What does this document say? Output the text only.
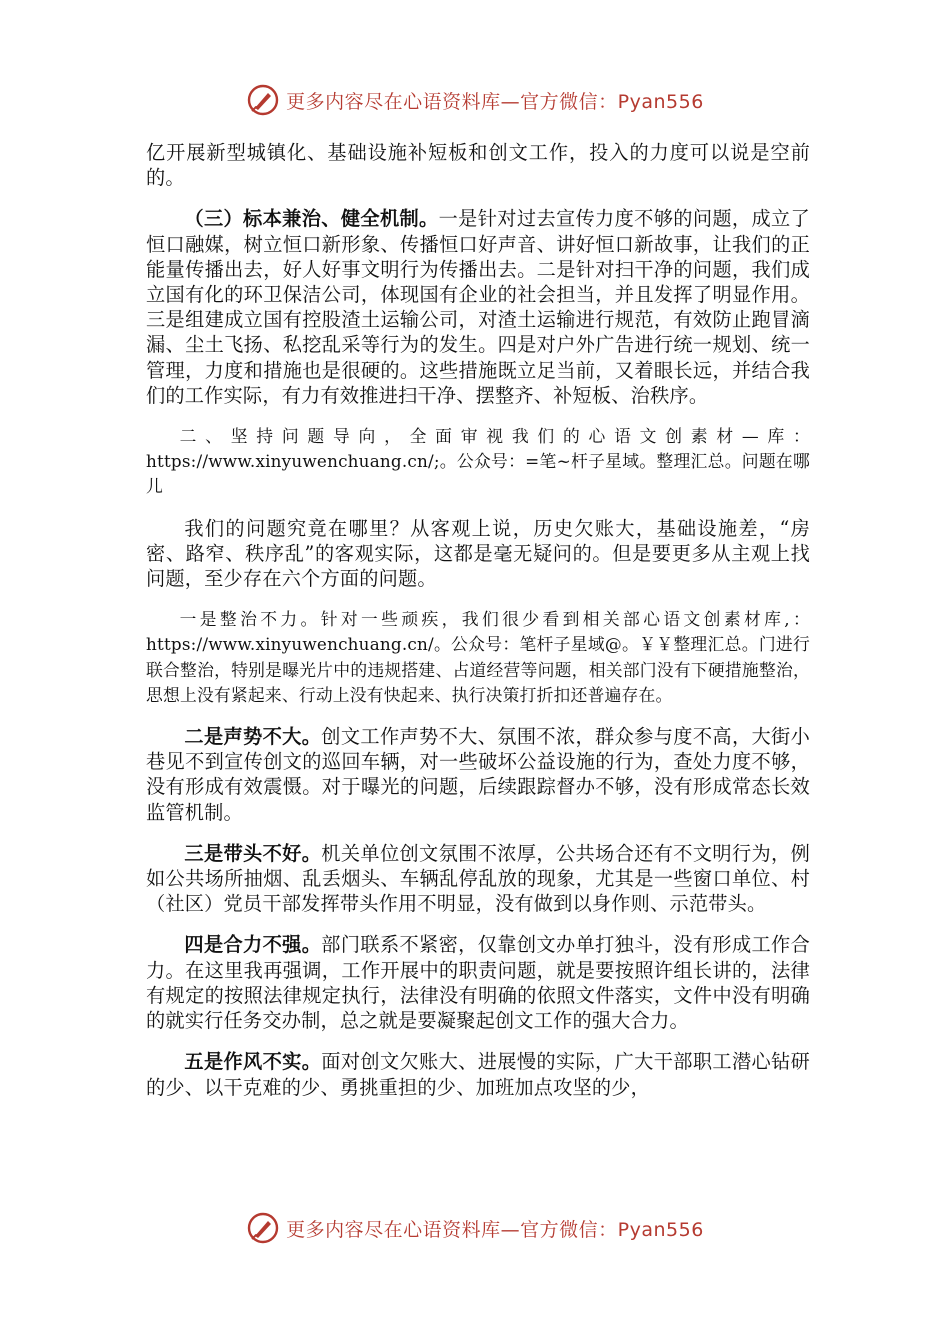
更多内容尽在心语资料库—官方微信：Pyan556

亿开展新型城镇化、基础设施补短板和创文工作，投入的力度可以说是空前的。

（三）标本兼治、健全机制。一是针对过去宣传力度不够的问题，成立了恒口融媒，树立恒口新形象、传播恒口好声音、讲好恒口新故事，让我们的正能量传播出去，好人好事文明行为传播出去。二是针对扫干净的问题，我们成立国有化的环卫保洁公司，体现国有企业的社会担当，并且发挥了明显作用。三是组建成立国有控股渣土运输公司，对渣土运输进行规范，有效防止跑冒滴漏、尘土飞扬、私挖乱采等行为的发生。四是对户外广告进行统一规划、统一管理，力度和措施也是很硬的。这些措施既立足当前，又着眼长远，并结合我们的工作实际，有力有效推进扫干净、摆整齐、补短板、治秩序。

二、坚持问题导向，全面审视我们的心语文创素材—库：https://www.xinyuwenchuang.cn/;。公众号：=笔~杆子星域。整理汇总。问题在哪儿

我们的问题究竟在哪里？从客观上说，历史欠账大，基础设施差，“房密、路窄、秩序乱”的客观实际，这都是毫无疑问的。但是要更多从主观上找问题，至少存在六个方面的问题。

一是整治不力。针对一些顽疾，我们很少看到相关部心语文创素材库,：https://www.xinyuwenchuang.cn/。公众号：笔杆子星域@。￥￥整理汇总。门进行联合整治，特别是曝光片中的违规搭建、占道经营等问题，相关部门没有下硬措施整治，思想上没有紧起来、行动上没有快起来、执行决策打折扣还普遍存在。

二是声势不大。创文工作声势不大、氛围不浓，群众参与度不高，大街小巷见不到宣传创文的巡回车辆，对一些破坏公益设施的行为，查处力度不够，没有形成有效震慑。对于曝光的问题，后续跟踪督办不够，没有形成常态长效监管机制。

三是带头不好。机关单位创文氛围不浓厚，公共场合还有不文明行为，例如公共场所抽烟、乱丢烟头、车辆乱停乱放的现象，尤其是一些窗口单位、村（社区）党员干部发挥带头作用不明显，没有做到以身作则、示范带头。

四是合力不强。部门联系不紧密，仅靠创文办单打独斗，没有形成工作合力。在这里我再强调，工作开展中的职责问题，就是要按照许组长讲的，法律有规定的按照法律规定执行，法律没有明确的依照文件落实，文件中没有明确的就实行任务交办制，总之就是要凝聚起创文工作的强大合力。

五是作风不实。面对创文欠账大、进展慢的实际，广大干部职工潜心钻研的少、以干克难的少、勇挑重担的少、加班加点攻坚的少，

更多内容尽在心语资料库—官方微信：Pyan556
